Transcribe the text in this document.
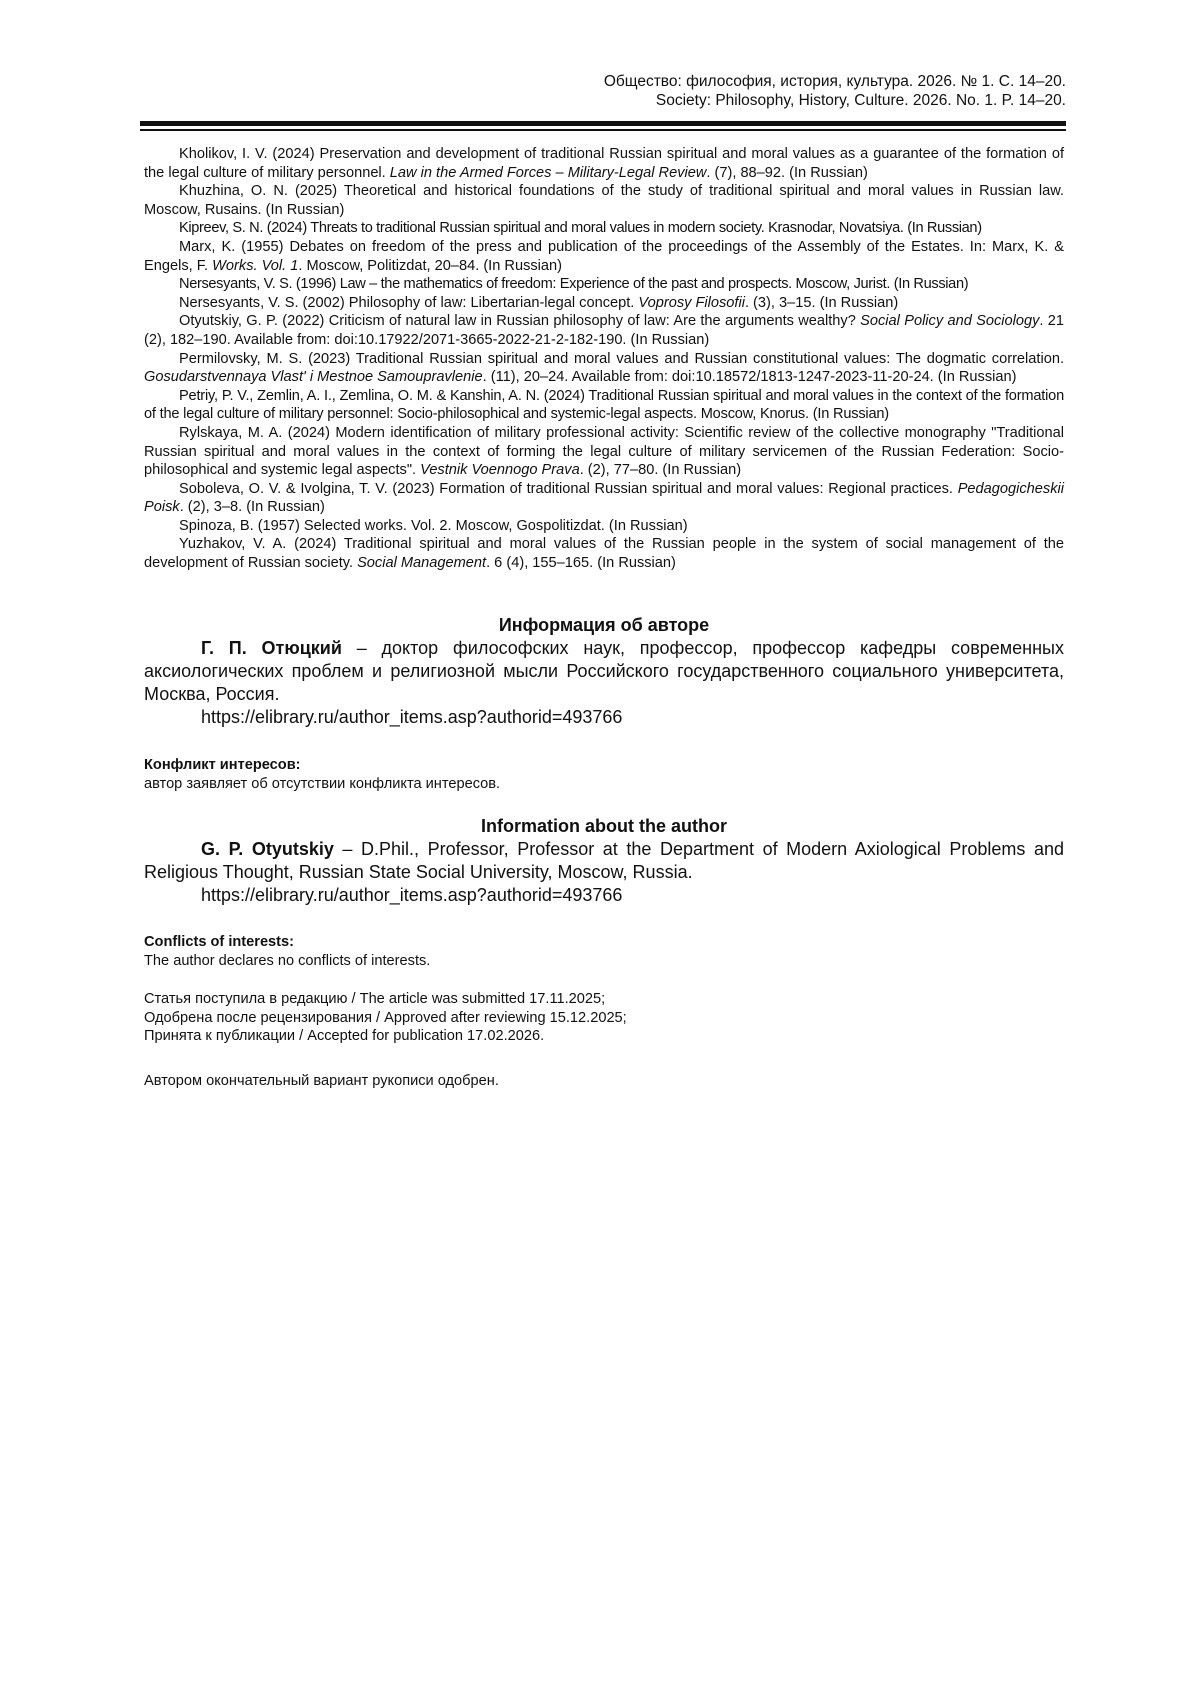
Общество: философия, история, культура. 2026. № 1. С. 14–20.
Society: Philosophy, History, Culture. 2026. No. 1. P. 14–20.

Kholikov, I. V. (2024) Preservation and development of traditional Russian spiritual and moral values as a guarantee of the formation of the legal culture of military personnel. Law in the Armed Forces – Military-Legal Review. (7), 88–92. (In Russian)

Khuzhina, O. N. (2025) Theoretical and historical foundations of the study of traditional spiritual and moral values in Russian law. Moscow, Rusains. (In Russian)

Kipreev, S. N. (2024) Threats to traditional Russian spiritual and moral values in modern society. Krasnodar, Novatsiya. (In Russian)

Marx, K. (1955) Debates on freedom of the press and publication of the proceedings of the Assembly of the Estates. In: Marx, K. & Engels, F. Works. Vol. 1. Moscow, Politizdat, 20–84. (In Russian)

Nersesyants, V. S. (1996) Law – the mathematics of freedom: Experience of the past and prospects. Moscow, Jurist. (In Russian)

Nersesyants, V. S. (2002) Philosophy of law: Libertarian-legal concept. Voprosy Filosofii. (3), 3–15. (In Russian)

Otyutskiy, G. P. (2022) Criticism of natural law in Russian philosophy of law: Are the arguments wealthy? Social Policy and Sociology. 21 (2), 182–190. Available from: doi:10.17922/2071-3665-2022-21-2-182-190. (In Russian)

Permilovsky, M. S. (2023) Traditional Russian spiritual and moral values and Russian constitutional values: The dogmatic correlation. Gosudarstvennaya Vlast' i Mestnoe Samoupravlenie. (11), 20–24. Available from: doi:10.18572/1813-1247-2023-11-20-24. (In Russian)

Petriy, P. V., Zemlin, A. I., Zemlina, O. M. & Kanshin, A. N. (2024) Traditional Russian spiritual and moral values in the context of the formation of the legal culture of military personnel: Socio-philosophical and systemic-legal aspects. Moscow, Knorus. (In Russian)

Rylskaya, M. A. (2024) Modern identification of military professional activity: Scientific review of the collective monography "Traditional Russian spiritual and moral values in the context of forming the legal culture of military servicemen of the Russian Federation: Socio-philosophical and systemic legal aspects". Vestnik Voennogo Prava. (2), 77–80. (In Russian)

Soboleva, O. V. & Ivolgina, T. V. (2023) Formation of traditional Russian spiritual and moral values: Regional practices. Pedagogicheskii Poisk. (2), 3–8. (In Russian)

Spinoza, B. (1957) Selected works. Vol. 2. Moscow, Gospolitizdat. (In Russian)

Yuzhakov, V. A. (2024) Traditional spiritual and moral values of the Russian people in the system of social management of the development of Russian society. Social Management. 6 (4), 155–165. (In Russian)

Информация об авторе

Г. П. Отюцкий – доктор философских наук, профессор, профессор кафедры современных аксиологических проблем и религиозной мысли Российского государственного социального университета, Москва, Россия.

https://elibrary.ru/author_items.asp?authorid=493766

Конфликт интересов:
автор заявляет об отсутствии конфликта интересов.
Information about the author

G. P. Otyutskiy – D.Phil., Professor, Professor at the Department of Modern Axiological Problems and Religious Thought, Russian State Social University, Moscow, Russia.

https://elibrary.ru/author_items.asp?authorid=493766

Conflicts of interests:
The author declares no conflicts of interests.
Статья поступила в редакцию / The article was submitted 17.11.2025;
Одобрена после рецензирования / Approved after reviewing 15.12.2025;
Принята к публикации / Accepted for publication 17.02.2026.
Автором окончательный вариант рукописи одобрен.
